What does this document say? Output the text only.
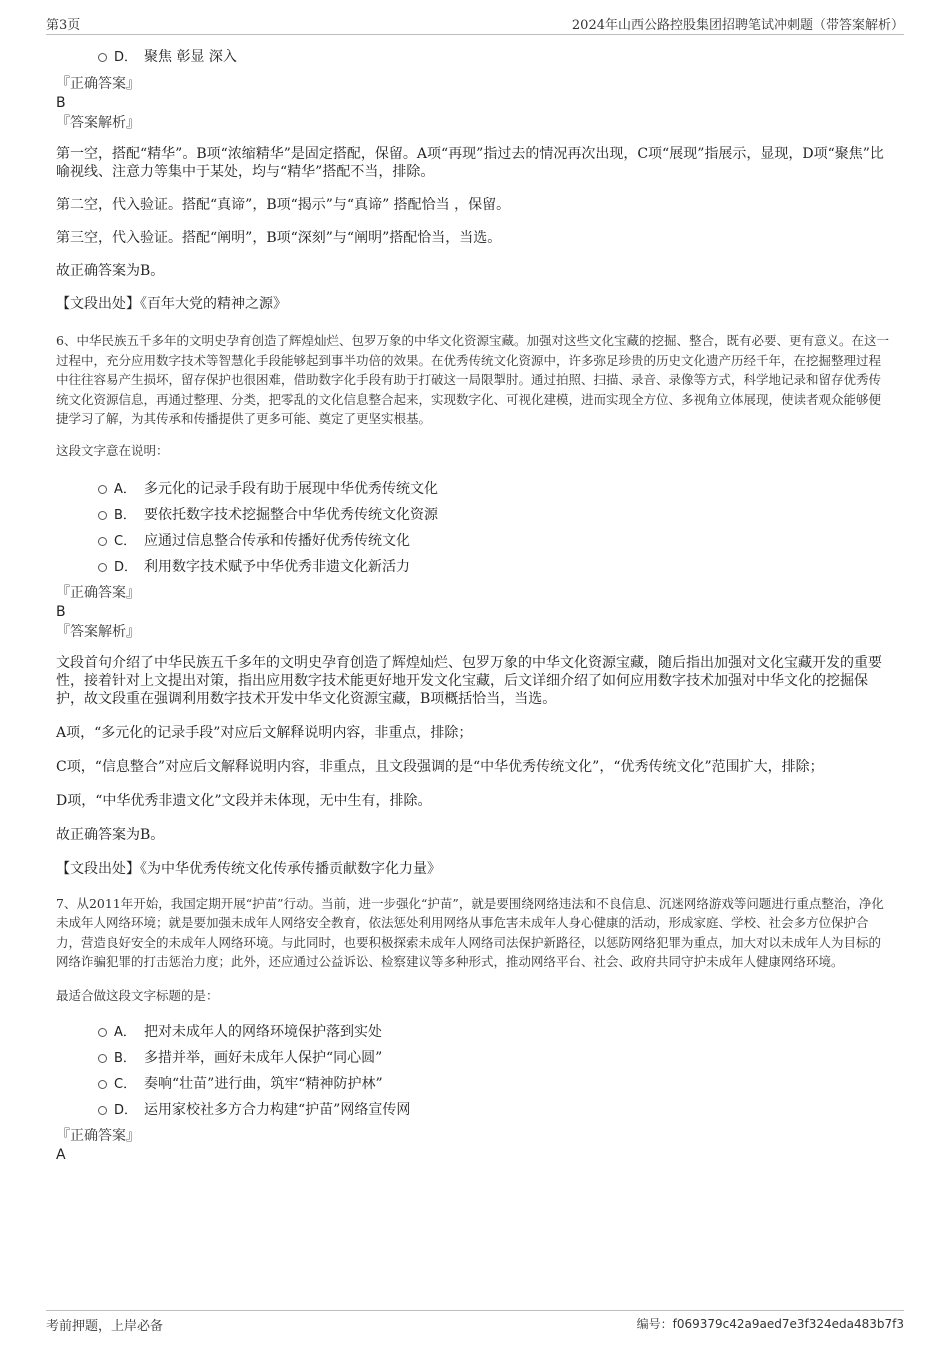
第3页	2024年山西公路控股集团招聘笔试冲刺题（带答案解析）
D． 聚焦 彰显 深入
『正确答案』
B
『答案解析』

第一空，搭配“精华”。B项“浓缩精华”是固定搭配，保留。A项“再现”指过去的情况再次出现，C项“展现”指展示，显现，D项“聚焦”比喻视线、注意力等集中于某处，均与“精华”搭配不当，排除。

第二空，代入验证。搭配“真谛”，B项“揭示”与“真谛” 搭配恰当 ，保留。

第三空，代入验证。搭配“阐明”，B项“深刻”与“阐明”搭配恰当，当选。

故正确答案为B。

【文段出处】《百年大党的精神之源》

6、中华民族五千多年的文明史孕育创造了辉煌灿烂、包罗万象的中华文化资源宝藏。加强对这些文化宝藏的挖掘、整合，既有必要、更有意义。在这一过程中，充分应用数字技术等智慧化手段能够起到事半功倍的效果。在优秀传统文化资源中，许多弥足珍贵的历史文化遗产历经千年，在挖掘整理过程中往往容易产生损坏，留存保护也很困难，借助数字化手段有助于打破这一局限掣肘。通过拍照、扫描、录音、录像等方式，科学地记录和留存优秀传统文化资源信息，再通过整理、分类，把零乱的文化信息整合起来，实现数字化、可视化建模，进而实现全方位、多视角立体展现，使读者观众能够便捷学习了解，为其传承和传播提供了更多可能、奠定了更坚实根基。

这段文字意在说明：
A． 多元化的记录手段有助于展现中华优秀传统文化
B． 要依托数字技术挖掘整合中华优秀传统文化资源
C． 应通过信息整合传承和传播好优秀传统文化
D． 利用数字技术赋予中华优秀非遗文化新活力
『正确答案』
B
『答案解析』

文段首句介绍了中华民族五千多年的文明史孕育创造了辉煌灿烂、包罗万象的中华文化资源宝藏，随后指出加强对文化宝藏开发的重要性，接着针对上文提出对策，指出应用数字技术能更好地开发文化宝藏，后文详细介绍了如何应用数字技术加强对中华文化的挖掘保护，故文段重在强调利用数字技术开发中华文化资源宝藏，B项概括恰当，当选。

A项，“多元化的记录手段”对应后文解释说明内容，非重点，排除；

C项，“信息整合”对应后文解释说明内容，非重点，且文段强调的是“中华优秀传统文化”，“优秀传统文化”范围扩大，排除；

D项，“中华优秀非遗文化”文段并未体现，无中生有，排除。

故正确答案为B。

【文段出处】《为中华优秀传统文化传承传播贡献数字化力量》

7、从2011年开始，我国定期开展“护苗”行动。当前，进一步强化“护苗”，就是要围绕网络违法和不良信息、沉迷网络游戏等问题进行重点整治，净化未成年人网络环境；就是要加强未成年人网络安全教育，依法惩处利用网络从事危害未成年人身心健康的活动，形成家庭、学校、社会多方位保护合力，营造良好安全的未成年人网络环境。与此同时，也要积极探索未成年人网络司法保护新路径，以惩防网络犯罪为重点，加大对以未成年人为目标的网络诈骗犯罪的打击惩治力度；此外，还应通过公益诉讼、检察建议等多种形式，推动网络平台、社会、政府共同守护未成年人健康网络环境。

最适合做这段文字标题的是：
A． 把对未成年人的网络环境保护落到实处
B． 多措并举，画好未成年人保护“同心圆”
C． 奏响“壮苗”进行曲，筑牢“精神防护林”
D． 运用家校社多方合力构建“护苗”网络宣传网
『正确答案』
A
考前押题，上岸必备	编号：f069379c42a9aed7e3f324eda483b7f3
